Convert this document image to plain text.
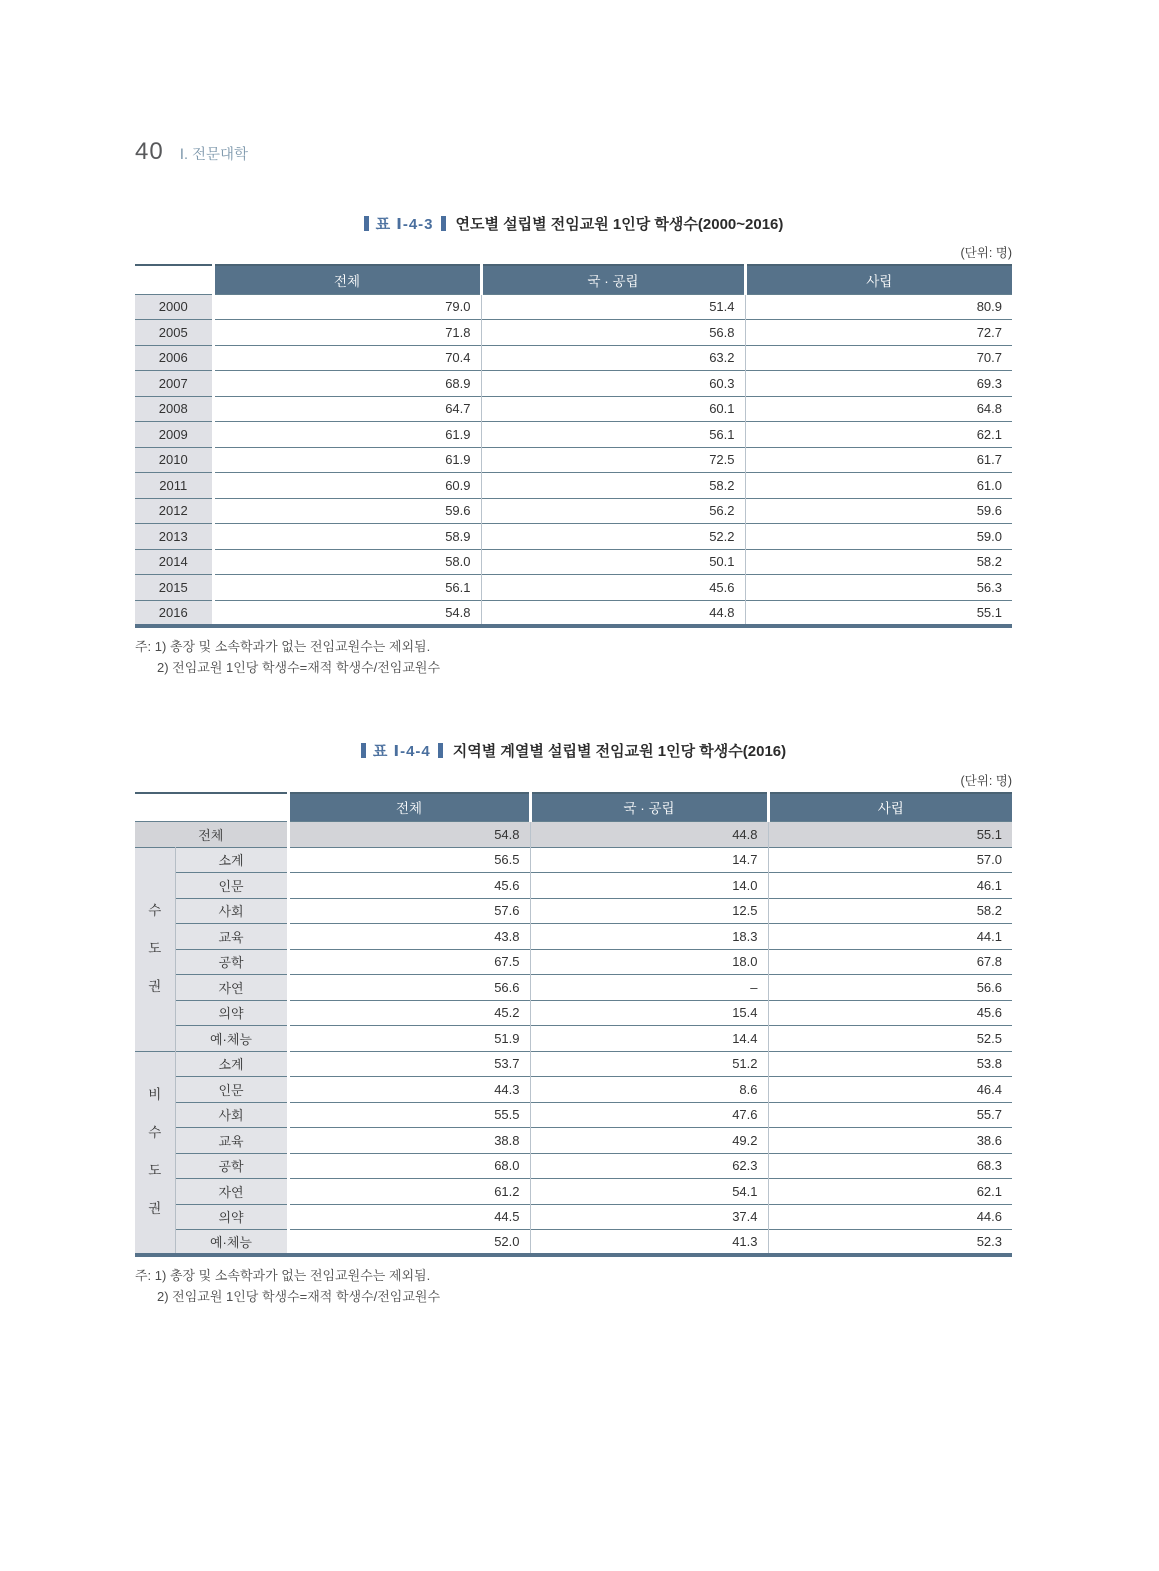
40 Ⅰ. 전문대학
표 Ⅰ-4-3 연도별 설립별 전임교원 1인당 학생수(2000~2016)
(단위: 명)
	전체	국 · 공립	사립
2000	79.0	51.4	80.9
2005	71.8	56.8	72.7
2006	70.4	63.2	70.7
2007	68.9	60.3	69.3
2008	64.7	60.1	64.8
2009	61.9	56.1	62.1
2010	61.9	72.5	61.7
2011	60.9	58.2	61.0
2012	59.6	56.2	59.6
2013	58.9	52.2	59.0
2014	58.0	50.1	58.2
2015	56.1	45.6	56.3
2016	54.8	44.8	55.1
주: 1) 총장 및 소속학과가 없는 전임교원수는 제외됨.
2) 전임교원 1인당 학생수=재적 학생수/전임교원수
표 Ⅰ-4-4 지역별 계열별 설립별 전임교원 1인당 학생수(2016)
(단위: 명)
		전체	국 · 공립	사립
전체		54.8	44.8	55.1
수도권	소계	56.5	14.7	57.0
	인문	45.6	14.0	46.1
	사회	57.6	12.5	58.2
	교육	43.8	18.3	44.1
	공학	67.5	18.0	67.8
	자연	56.6	–	56.6
	의약	45.2	15.4	45.6
	예·체능	51.9	14.4	52.5
비수도권	소계	53.7	51.2	53.8
	인문	44.3	8.6	46.4
	사회	55.5	47.6	55.7
	교육	38.8	49.2	38.6
	공학	68.0	62.3	68.3
	자연	61.2	54.1	62.1
	의약	44.5	37.4	44.6
	예·체능	52.0	41.3	52.3
주: 1) 총장 및 소속학과가 없는 전임교원수는 제외됨.
2) 전임교원 1인당 학생수=재적 학생수/전임교원수
